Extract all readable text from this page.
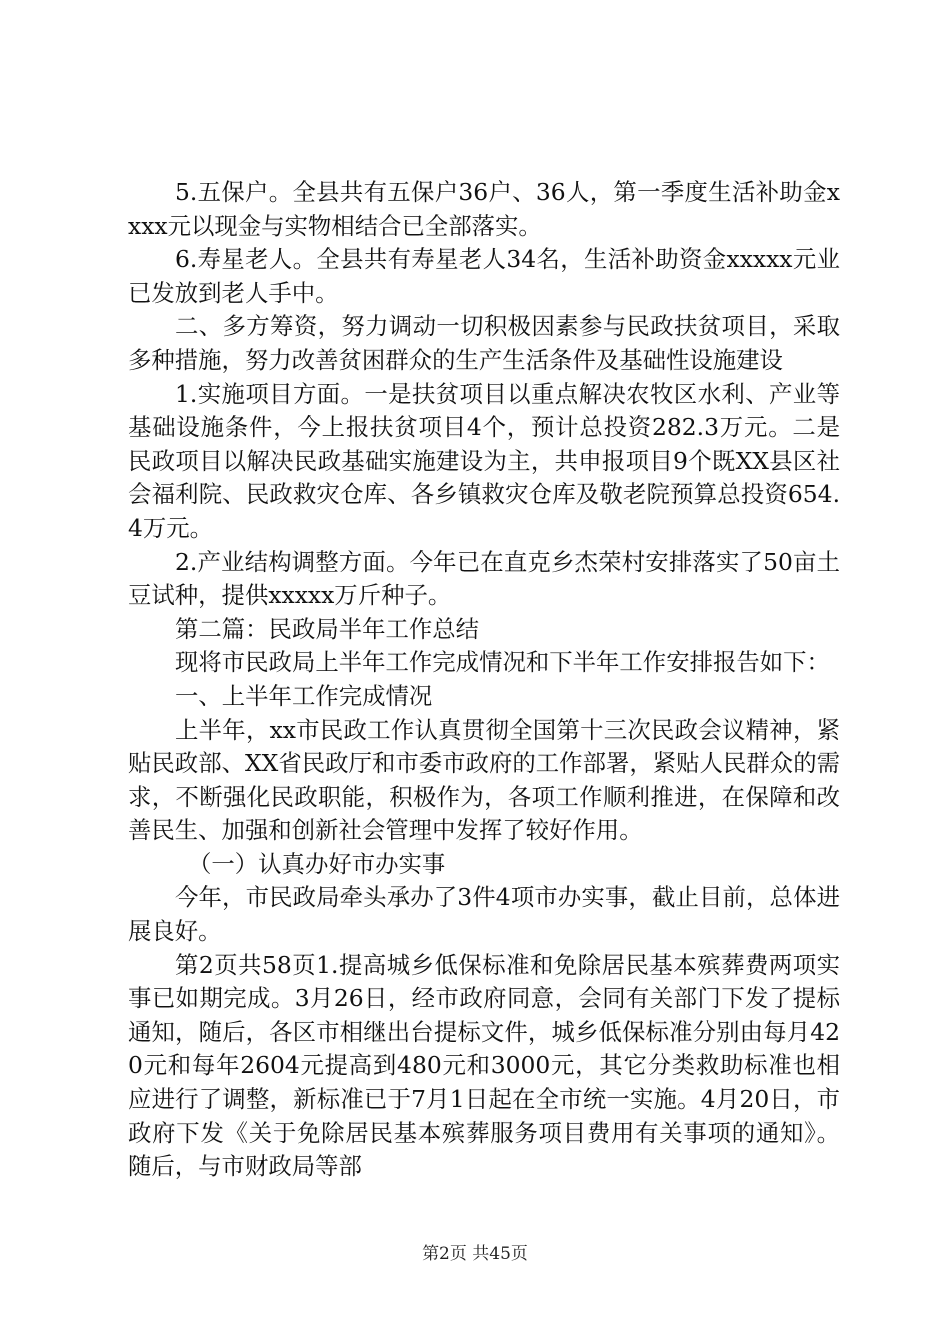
5.五保户。全县共有五保户36户、36人，第一季度生活补助金xxxx元以现金与实物相结合已全部落实。

6.寿星老人。全县共有寿星老人34名，生活补助资金xxxxx元业已发放到老人手中。

二、多方筹资，努力调动一切积极因素参与民政扶贫项目，采取多种措施，努力改善贫困群众的生产生活条件及基础性设施建设

1.实施项目方面。一是扶贫项目以重点解决农牧区水利、产业等基础设施条件，今上报扶贫项目4个，预计总投资282.3万元。二是民政项目以解决民政基础实施建设为主，共申报项目9个既XX县区社会福利院、民政救灾仓库、各乡镇救灾仓库及敬老院预算总投资654.4万元。

2.产业结构调整方面。今年已在直克乡杰荣村安排落实了50亩土豆试种，提供xxxxx万斤种子。

第二篇：民政局半年工作总结

现将市民政局上半年工作完成情况和下半年工作安排报告如下：

一、上半年工作完成情况

上半年，xx市民政工作认真贯彻全国第十三次民政会议精神，紧贴民政部、XX省民政厅和市委市政府的工作部署，紧贴人民群众的需求，不断强化民政职能，积极作为，各项工作顺利推进，在保障和改善民生、加强和创新社会管理中发挥了较好作用。

（一）认真办好市办实事

今年，市民政局牵头承办了3件4项市办实事，截止目前，总体进展良好。

第2页共58页1.提高城乡低保标准和免除居民基本殡葬费两项实事已如期完成。3月26日，经市政府同意，会同有关部门下发了提标通知，随后，各区市相继出台提标文件，城乡低保标准分别由每月420元和每年2604元提高到480元和3000元，其它分类救助标准也相应进行了调整，新标准已于7月1日起在全市统一实施。4月20日，市政府下发《关于免除居民基本殡葬服务项目费用有关事项的通知》。随后，与市财政局等部

第2页 共45页
